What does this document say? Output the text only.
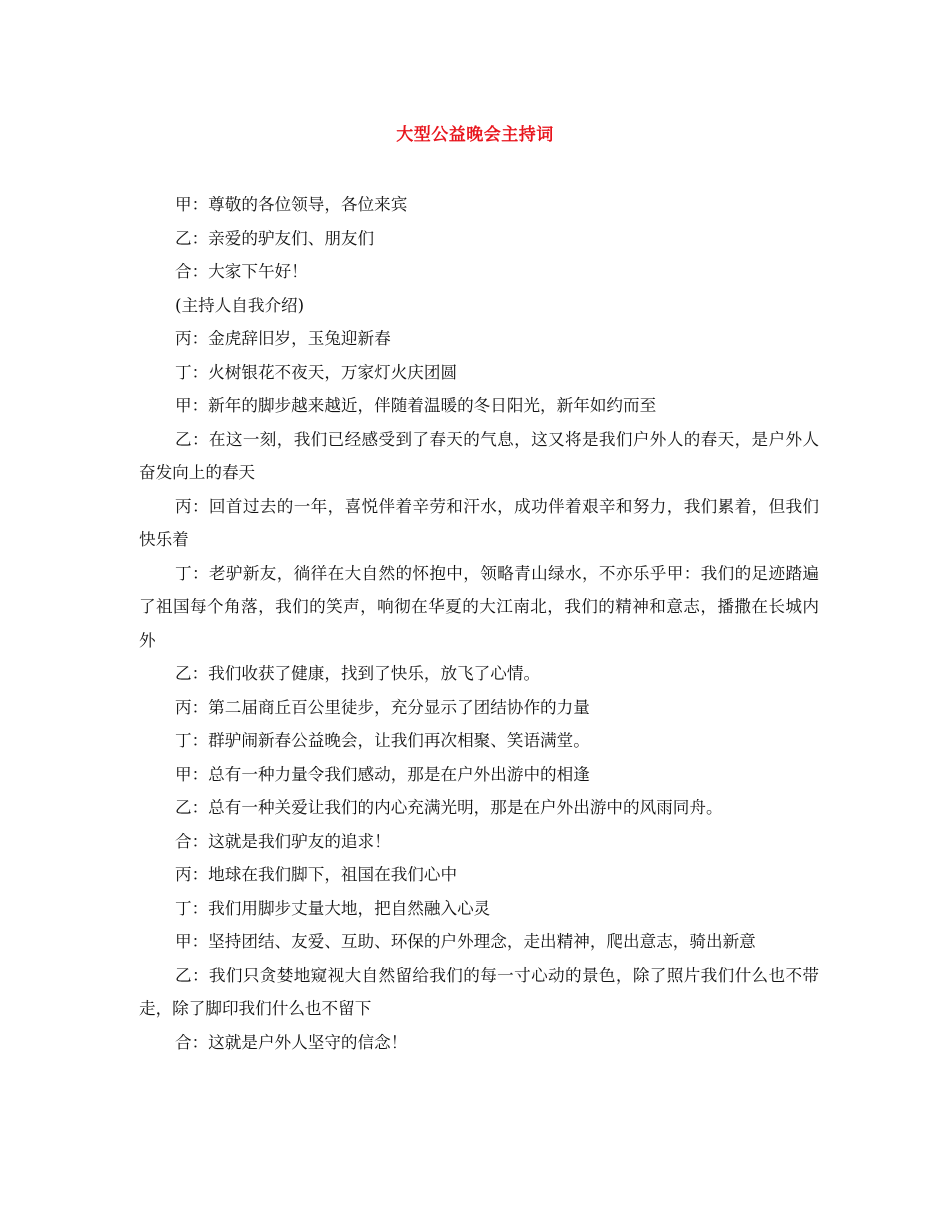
大型公益晚会主持词

甲：尊敬的各位领导，各位来宾

乙：亲爱的驴友们、朋友们

合：大家下午好！

(主持人自我介绍)

丙：金虎辞旧岁，玉兔迎新春

丁：火树银花不夜天，万家灯火庆团圆

甲：新年的脚步越来越近，伴随着温暖的冬日阳光，新年如约而至

乙：在这一刻，我们已经感受到了春天的气息，这又将是我们户外人的春天，是户外人奋发向上的春天

丙：回首过去的一年，喜悦伴着辛劳和汗水，成功伴着艰辛和努力，我们累着，但我们快乐着

丁：老驴新友，徜徉在大自然的怀抱中，领略青山绿水，不亦乐乎甲：我们的足迹踏遍了祖国每个角落，我们的笑声，响彻在华夏的大江南北，我们的精神和意志，播撒在长城内外

乙：我们收获了健康，找到了快乐，放飞了心情。

丙：第二届商丘百公里徒步，充分显示了团结协作的力量

丁：群驴闹新春公益晚会，让我们再次相聚、笑语满堂。

甲：总有一种力量令我们感动，那是在户外出游中的相逢

乙：总有一种关爱让我们的内心充满光明，那是在户外出游中的风雨同舟。

合：这就是我们驴友的追求！

丙：地球在我们脚下，祖国在我们心中

丁：我们用脚步丈量大地，把自然融入心灵

甲：坚持团结、友爱、互助、环保的户外理念，走出精神，爬出意志，骑出新意

乙：我们只贪婪地窥视大自然留给我们的每一寸心动的景色，除了照片我们什么也不带走，除了脚印我们什么也不留下

合：这就是户外人坚守的信念！
